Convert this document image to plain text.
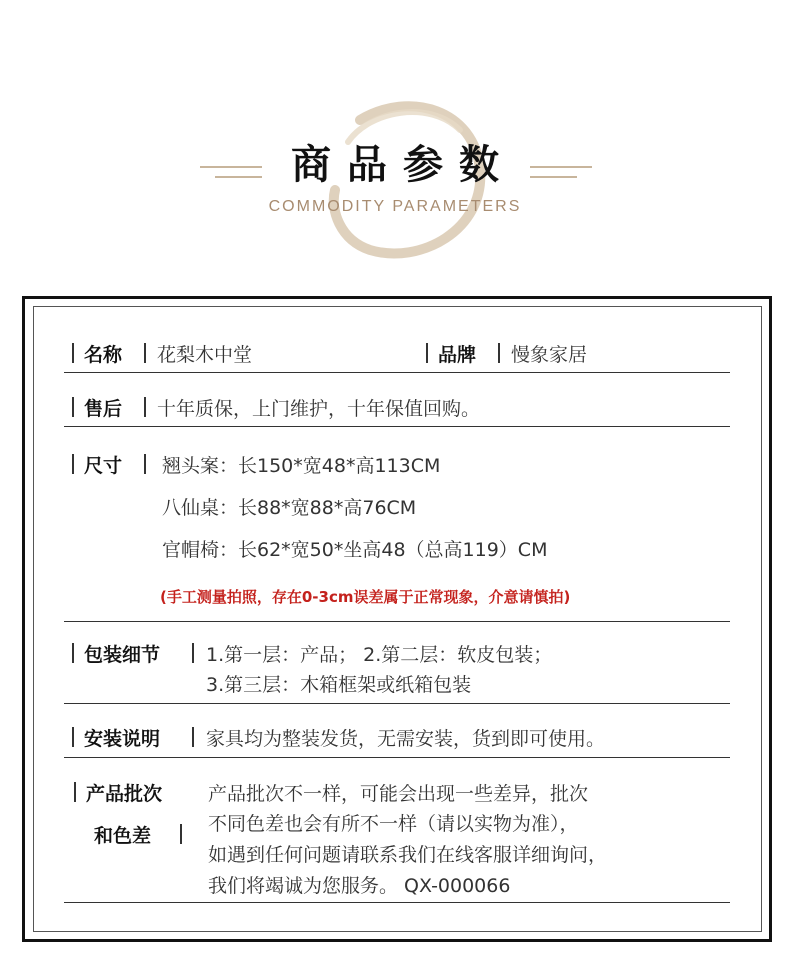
商品参数
COMMODITY PARAMETERS
名称 花梨木中堂	品牌 慢象家居
售后 十年质保，上门维护，十年保值回购。
尺寸 翘头案：长150*宽48*高113CM
八仙桌：长88*宽88*高76CM
官帽椅：长62*宽50*坐高48（总高119）CM
(手工测量拍照，存在0-3cm误差属于正常现象，介意请慎拍)
包装细节 1.第一层：产品； 2.第二层：软皮包装；
3.第三层：木箱框架或纸箱包装
安装说明 家具均为整装发货，无需安装，货到即可使用。
产品批次
和色差
产品批次不一样，可能会出现一些差异，批次
不同色差也会有所不一样（请以实物为准），
如遇到任何问题请联系我们在线客服详细询问，
我们将竭诚为您服务。 QX-000066
